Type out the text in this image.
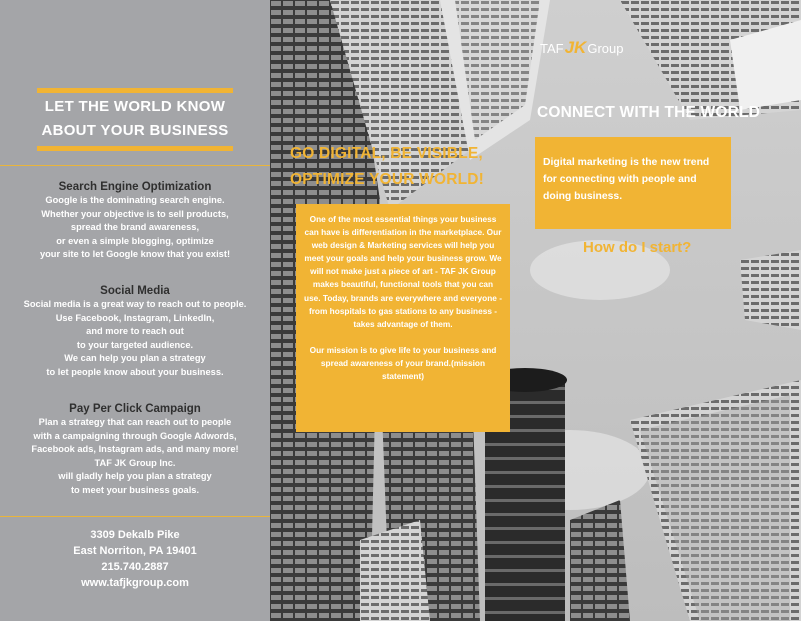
LET THE WORLD KNOW
ABOUT YOUR BUSINESS
Search Engine Optimization

Google is the dominating search engine.
Whether your objective is to sell products,
spread the brand awareness,
or even a simple blogging, optimize
your site to let Google know that you exist!

Social Media

Social media is a great way to reach out to people.
Use Facebook, Instagram, LinkedIn,
and more to reach out
to your targeted audience.
We can help you plan a strategy
to let people know about your business.

Pay Per Click Campaign

Plan a strategy that can reach out to people
with a campaigning through Google Adwords,
Facebook ads, Instagram ads, and many more!
TAF JK Group Inc.
will gladly help you plan a strategy
to meet your business goals.

3309 Dekalb Pike
East Norriton, PA 19401
215.740.2887
www.tafjkgroup.com
TAF JK Group
GO DIGITAL, BE VISIBLE,
OPTIMIZE YOUR WORLD!

One of the most essential things your business can have is differentiation in the marketplace. Our web design & Marketing services will help you meet your goals and help your business grow. We will not make just a piece of art - TAF JK Group makes beautiful, functional tools that you can use. Today, brands are everywhere and everyone - from hospitals to gas stations to any business - takes advantage of them.

Our mission is to give life to your business and spread awareness of your brand.(mission statement)

CONNECT WITH THE WORLD

Digital marketing is the new trend for connecting with people and doing business.

How do I start?
